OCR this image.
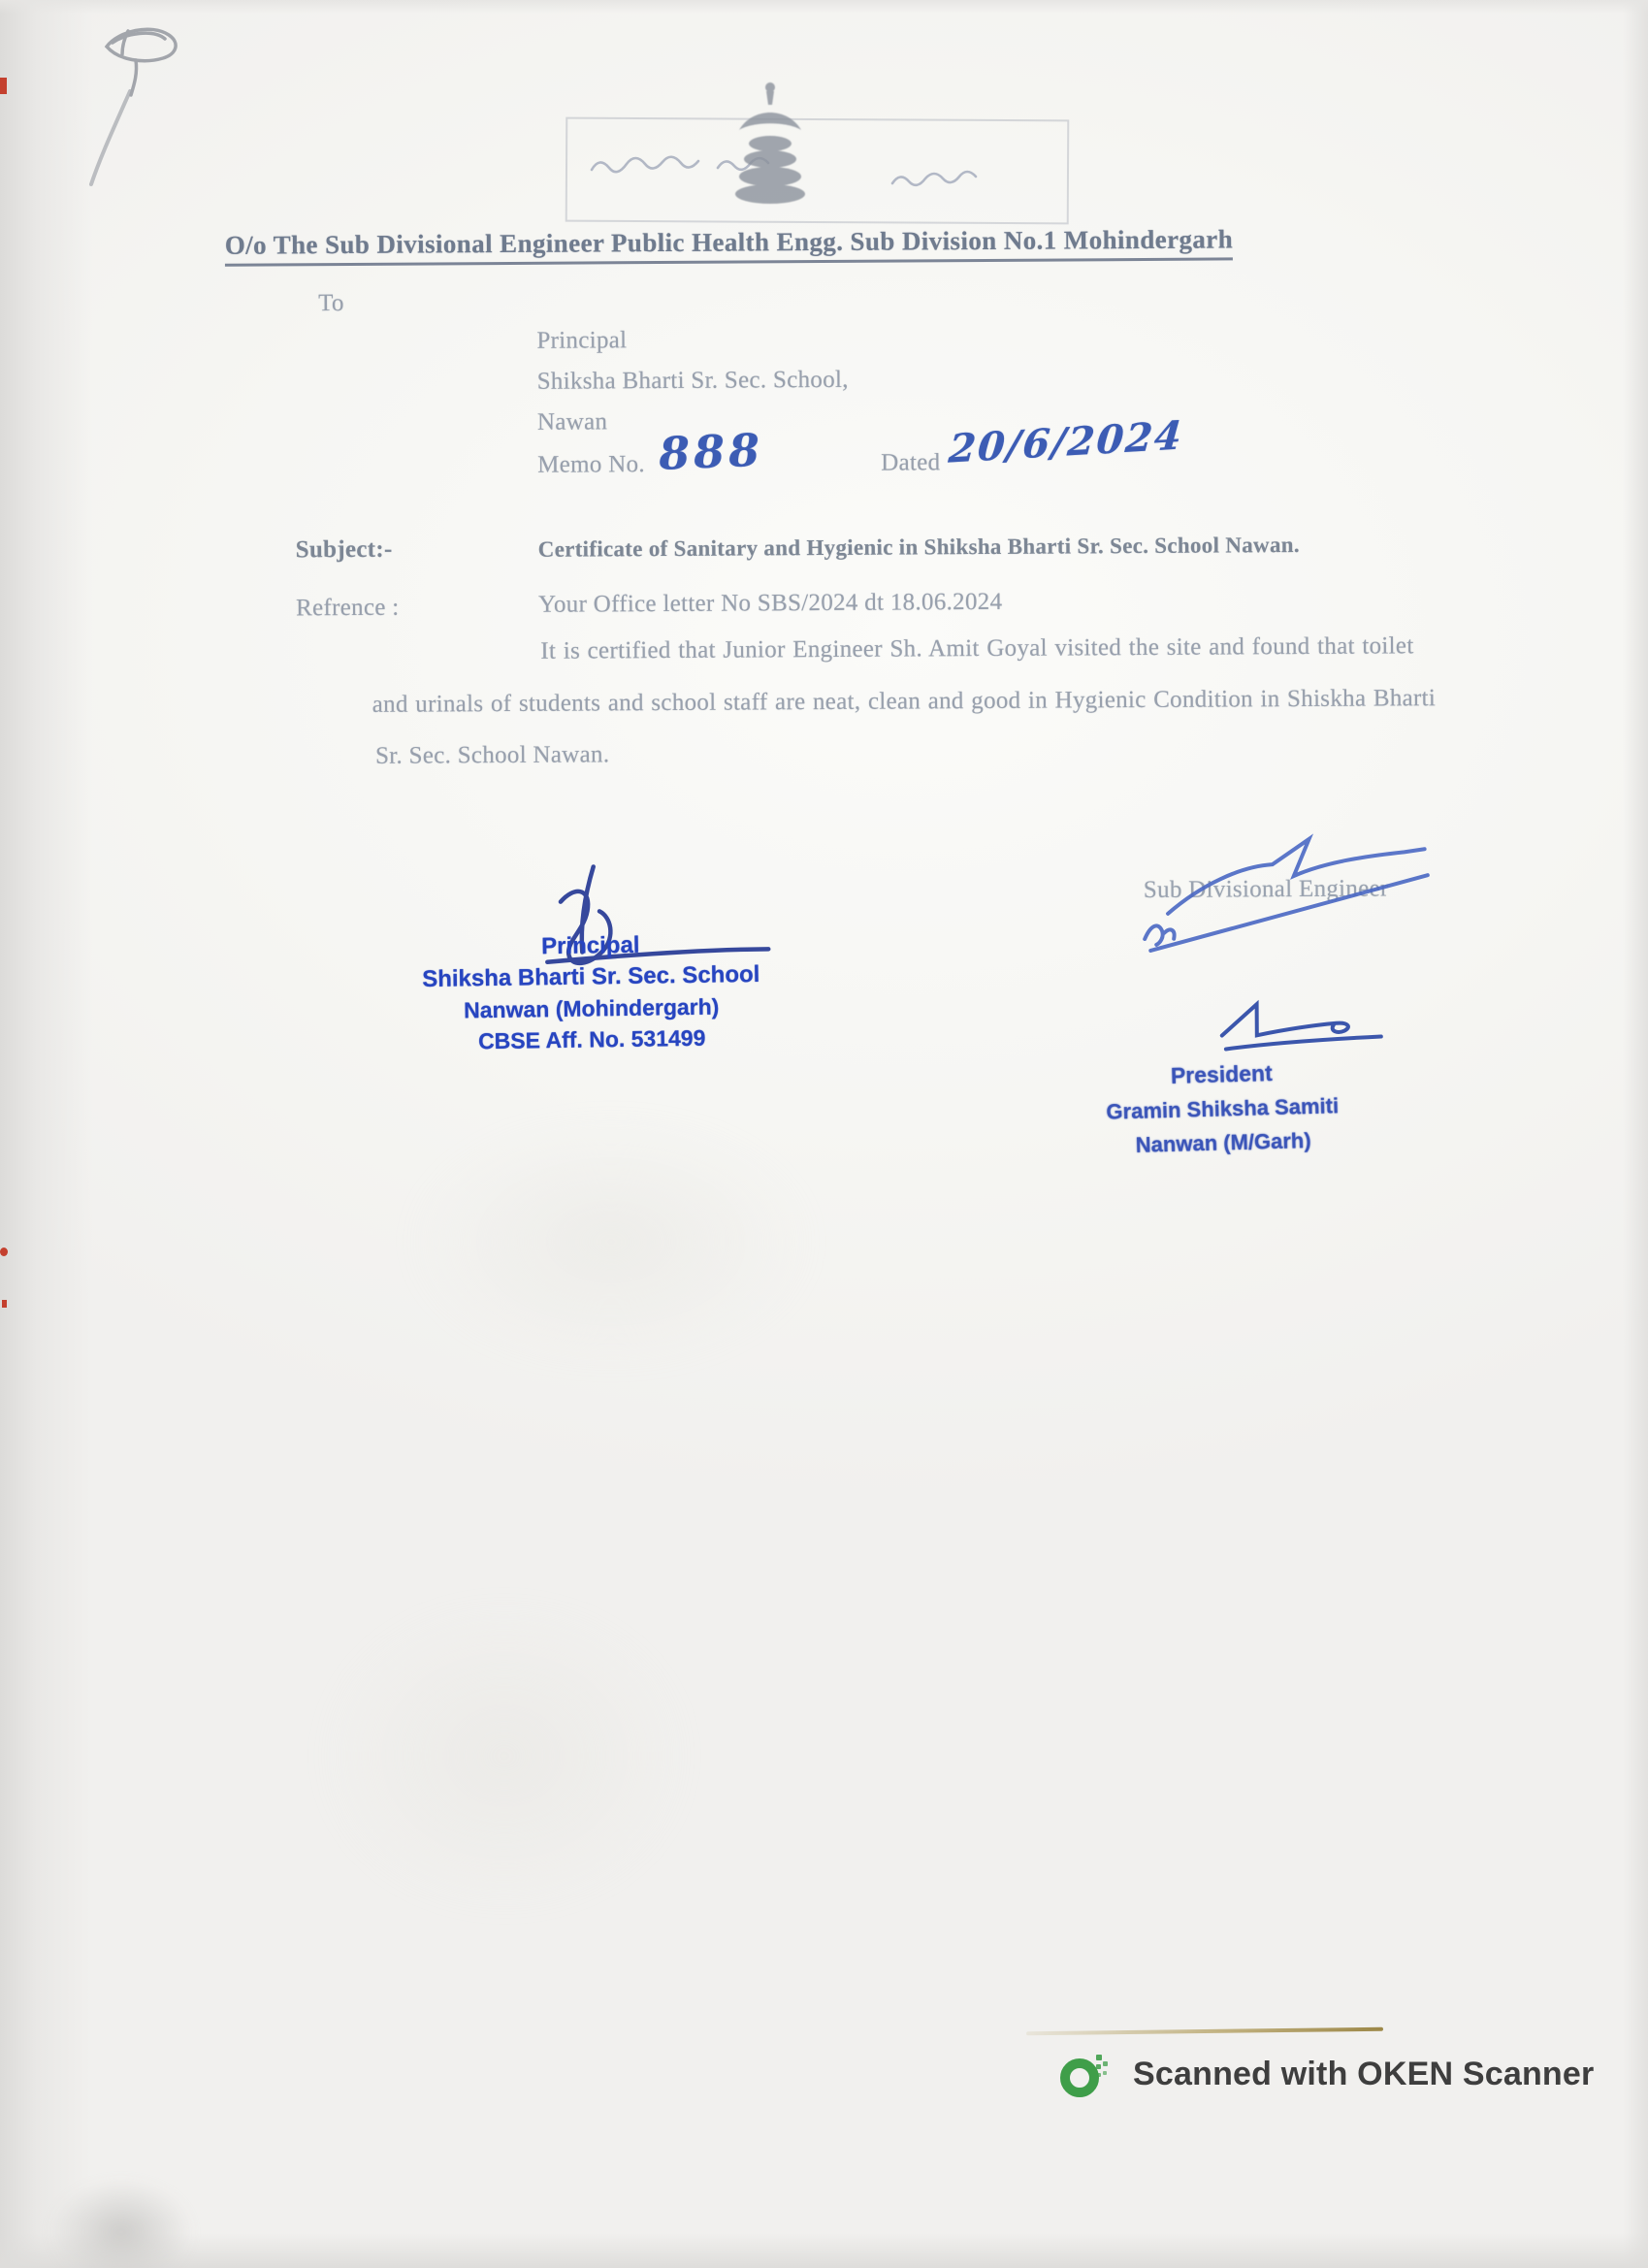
O/o The Sub Divisional Engineer Public Health Engg. Sub Division No.1 Mohindergarh
To
Principal
Shiksha Bharti Sr. Sec. School,
Nawan
Memo No. 888	Dated 20/6/2024
Subject:-	Certificate of Sanitary and Hygienic in Shiksha Bharti Sr. Sec. School Nawan.
Refrence :	Your Office letter No SBS/2024 dt 18.06.2024
It is certified that Junior Engineer Sh. Amit Goyal visited the site and found that toilet
and urinals of students and school staff are neat, clean and good in Hygienic Condition in Shiskha Bharti
Sr. Sec. School Nawan.
Principal
Shiksha Bharti Sr. Sec. School
Nanwan (Mohindergarh)
CBSE Aff. No. 531499
Sub Divisional Engineer
President
Gramin Shiksha Samiti
Nanwan (M/Garh)
Scanned with OKEN Scanner
